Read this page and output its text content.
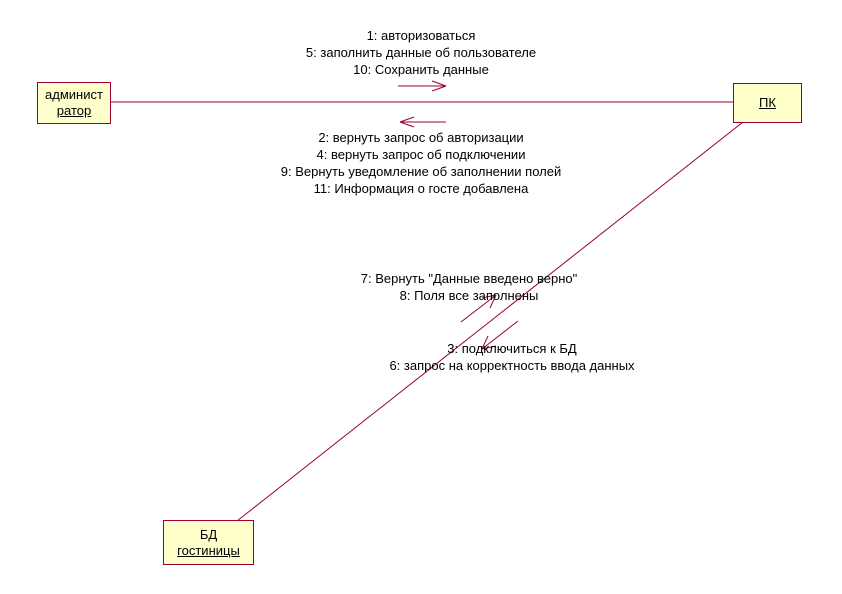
админист
ратор
ПК
БД
гостиницы
1: авторизоваться
5: заполнить данные об пользователе
10: Сохранить данные
2: вернуть запрос об авторизации
4: вернуть запрос об подключении
9: Вернуть уведомление об заполнении полей
11: Информация о госте добавлена
7: Вернуть "Данные введено верно"
8: Поля все заполнены
3: подключиться к БД
6: запрос на корректность ввода данных
